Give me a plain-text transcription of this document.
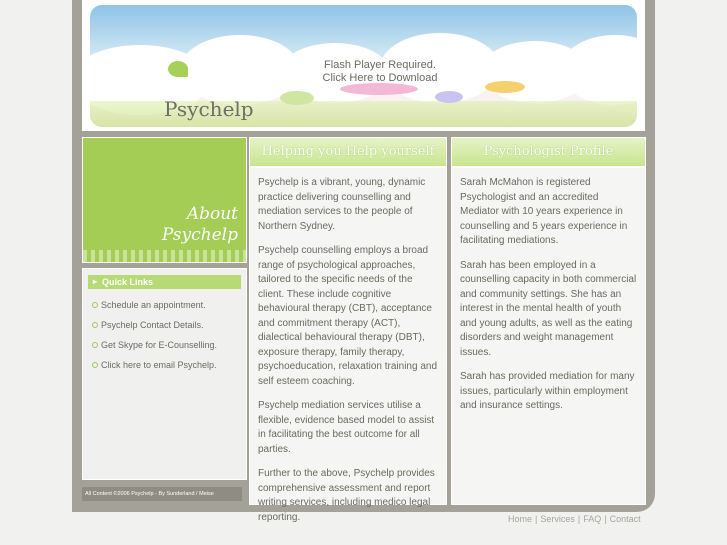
Flash Player Required.
Click Here to Download
Psychelp
About
Psychelp
▸ Quick Links
Schedule an appointment.
Psychelp Contact Details.
Get Skype for E-Counselling.
Click here to email Psychelp.
All Content ©2006 Psychelp - By Sunderland / Meise
Helping you Help yourself

Psychelp is a vibrant, young, dynamic practice delivering counselling and mediation services to the people of Northern Sydney.

Psychelp counselling employs a broad range of psychological approaches, tailored to the specific needs of the client. These include cognitive behavioural therapy (CBT), acceptance and commitment therapy (ACT), dialectical behavioural therapy (DBT), exposure therapy, family therapy, psychoeducation, relaxation training and self esteem coaching.

Psychelp mediation services utilise a flexible, evidence based model to assist in facilitating the best outcome for all parties.

Further to the above, Psychelp provides comprehensive assessment and report writing services, including medico legal reporting.

Psychologist Profile

Sarah McMahon is registered Psychologist and an accredited Mediator with 10 years experience in counselling and 5 years experience in facilitating mediations.

Sarah has been employed in a counselling capacity in both commercial and community settings. She has an interest in the mental health of youth and young adults, as well as the eating disorders and weight management issues.

Sarah has provided mediation for many issues, particularly within employment and insurance settings.

Home | Services | FAQ | Contact
